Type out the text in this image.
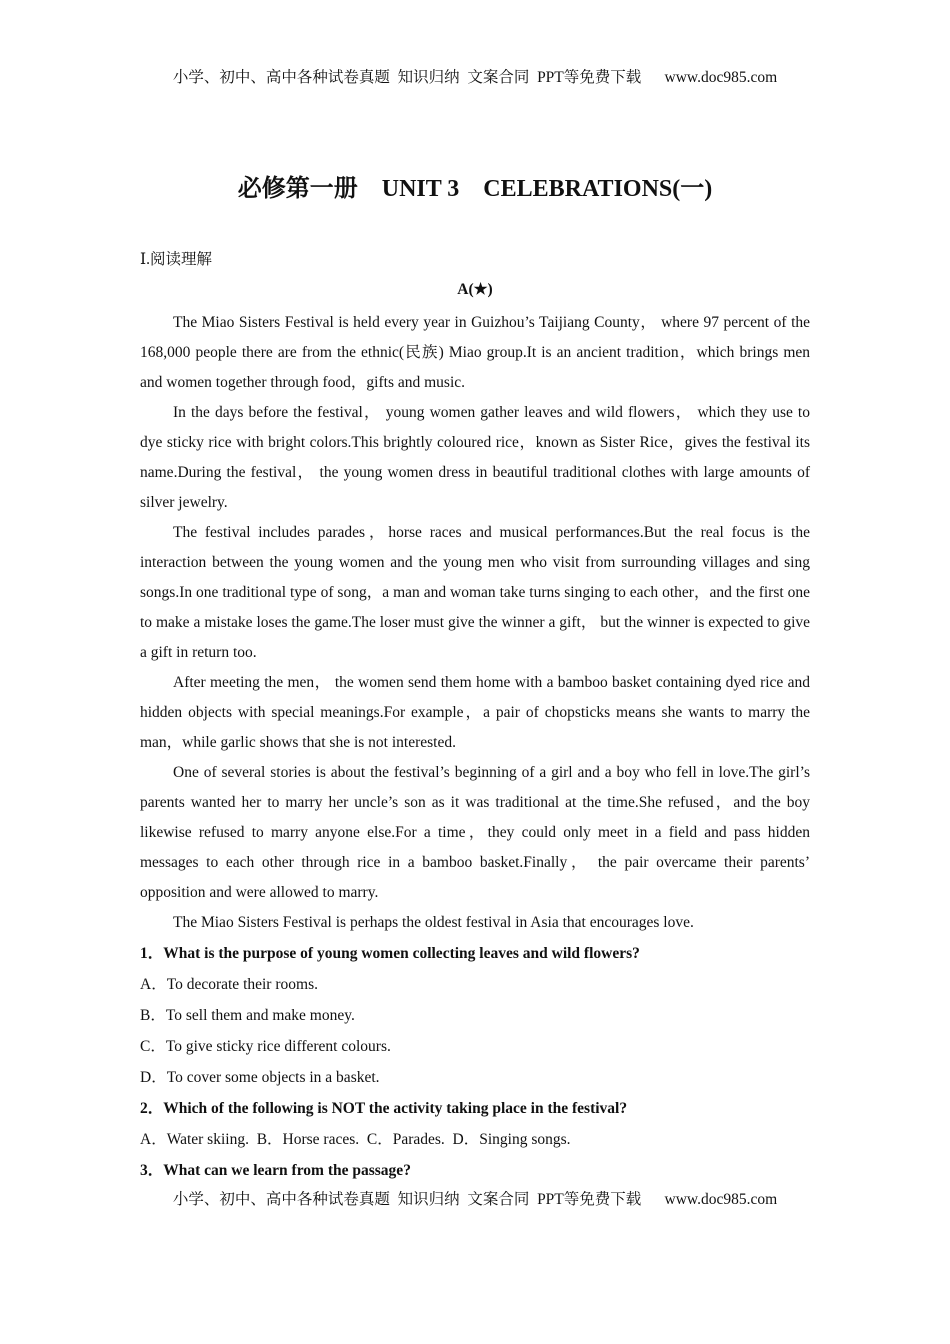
小学、初中、高中各种试卷真题  知识归纳  文案合同  PPT等免费下载      www.doc985.com
必修第一册    UNIT 3    CELEBRATIONS(一)
Ⅰ.阅读理解
A(★)

The Miao Sisters Festival is held every year in Guizhou’s Taijiang County， where 97 percent of the 168,000 people there are from the ethnic(民族) Miao group.It is an ancient tradition，which brings men and women together through food，gifts and music.

In the days before the festival， young women gather leaves and wild flowers， which they use to dye sticky rice with bright colors.This brightly coloured rice，known as Sister Rice，gives the festival its name.During the festival， the young women dress in beautiful traditional clothes with large amounts of silver jewelry.

The festival includes parades，horse races and musical performances.But the real focus is the interaction between the young women and the young men who visit from surrounding villages and sing songs.In one traditional type of song，a man and woman take turns singing to each other，and the first one to make a mistake loses the game.The loser must give the winner a gift， but the winner is expected to give a gift in return too.

After meeting the men， the women send them home with a bamboo basket containing dyed rice and hidden objects with special meanings.For example，a pair of chopsticks means she wants to marry the man，while garlic shows that she is not interested.

One of several stories is about the festival’s beginning of a girl and a boy who fell in love.The girl’s parents wanted her to marry her uncle’s son as it was traditional at the time.She refused，and the boy likewise refused to marry anyone else.For a time，they could only meet in a field and pass hidden messages to each other through rice in a bamboo basket.Finally， the pair overcame their parents’ opposition and were allowed to marry.

The Miao Sisters Festival is perhaps the oldest festival in Asia that encourages love.

1．What is the purpose of young women collecting leaves and wild flowers?

A．To decorate their rooms.

B．To sell them and make money.

C．To give sticky rice different colours.

D．To cover some objects in a basket.

2．Which of the following is NOT the activity taking place in the festival?

A．Water skiing.  B．Horse races.  C．Parades.  D．Singing songs.

3．What can we learn from the passage?

小学、初中、高中各种试卷真题  知识归纳  文案合同  PPT等免费下载      www.doc985.com
